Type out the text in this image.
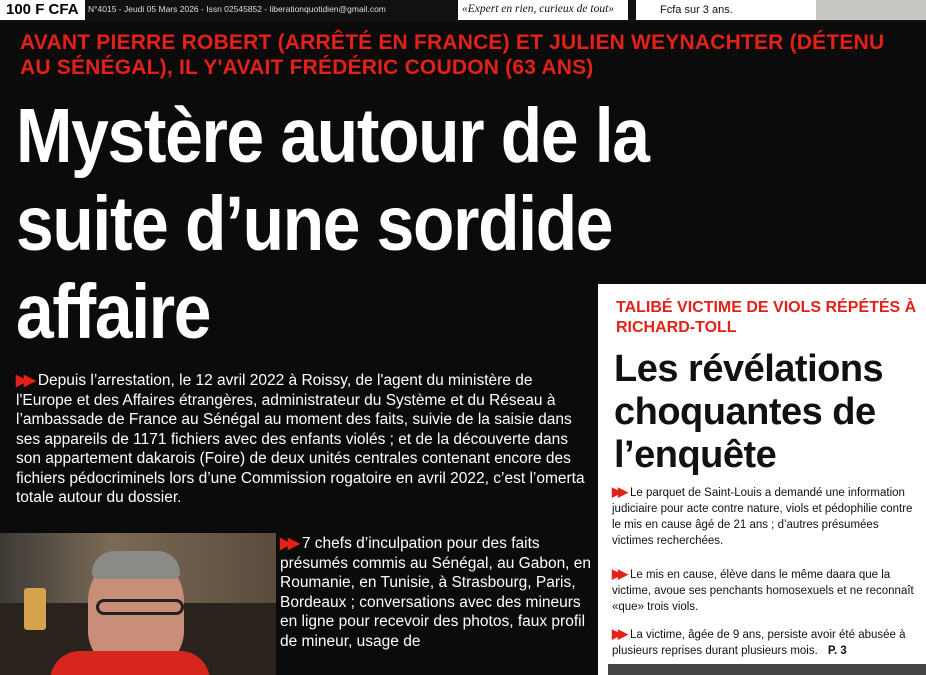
100 F CFA	N°4015 - Jeudi 05 Mars 2026 - Issn 02545852 - liberationquotidien@gmail.com	«Expert en rien, curieux de tout»	Fcfa sur 3 ans.
AVANT PIERRE ROBERT (ARRÊTÉ EN FRANCE) ET JULIEN WEYNACHTER (DÉTENU AU SÉNÉGAL), IL Y'AVAIT FRÉDÉRIC COUDON (63 ANS)
Mystère autour de la
suite d’une sordide
affaire
▶▶ Depuis l’arrestation, le 12 avril 2022 à Roissy, de l'agent du ministère de l'Europe et des Affaires étrangères, administrateur du Système et du Réseau à l’ambassade de France au Sénégal au moment des faits, suivie de la saisie dans ses appareils de 1171 fichiers avec des enfants violés ; et de la découverte dans son appartement dakarois (Foire) de deux unités centrales contenant encore des fichiers pédocriminels lors d’une Commission rogatoire en avril 2022, c’est l’omerta totale autour du dossier.
▶▶ 7 chefs d’inculpation pour des faits présumés commis au Sénégal, au Gabon, en Roumanie, en Tunisie, à Strasbourg, Paris, Bordeaux ; conversations avec des mineurs en ligne pour recevoir des photos, faux profil de mineur, usage de
TALIBÉ VICTIME DE VIOLS RÉPÉTÉS À RICHARD-TOLL
Les révélations choquantes de l’enquête
▶▶ Le parquet de Saint-Louis a demandé une information judiciaire pour acte contre nature, viols et pédophilie contre le mis en cause âgé de 21 ans ; d’autres présumées victimes recherchées.
▶▶ Le mis en cause, élève dans le même daara que la victime, avoue ses penchants homosexuels et ne reconnaît «que» trois viols.
▶▶ La victime, âgée de 9 ans, persiste avoir été abusée à plusieurs reprises durant plusieurs mois. P. 3
